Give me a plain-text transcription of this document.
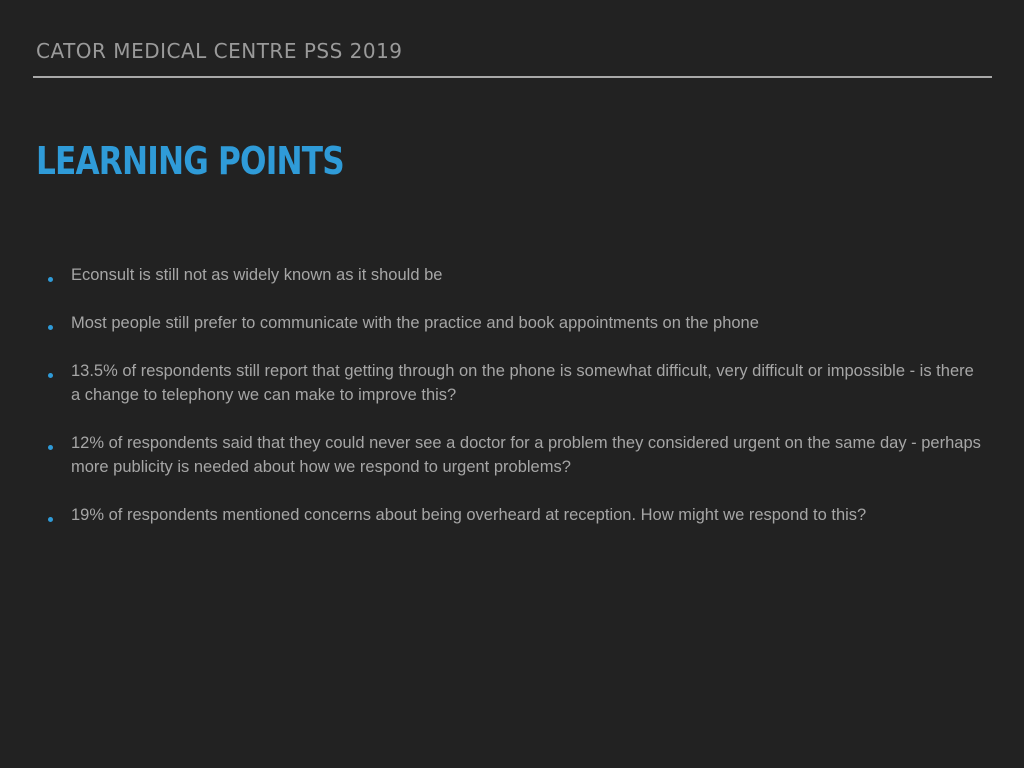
CATOR MEDICAL CENTRE PSS 2019
LEARNING POINTS
Econsult is still not as widely known as it should be
Most people still prefer to communicate with the practice and book appointments on the phone
13.5% of respondents still report that getting through on the phone is somewhat difficult, very difficult or impossible - is there a change to telephony we can make to improve this?
12% of respondents said that they could never see a doctor for a problem they considered urgent on the same day - perhaps more publicity is needed about how we respond to urgent problems?
19% of respondents mentioned concerns about being overheard at reception. How might we respond to this?
